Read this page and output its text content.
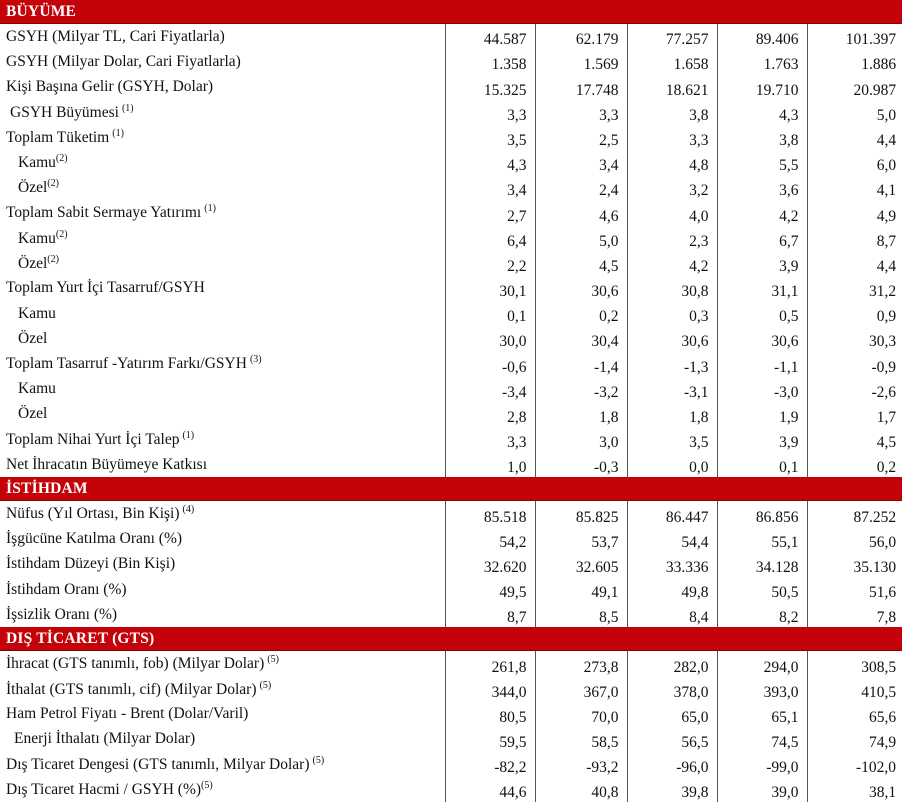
BÜYÜME					
GSYH (Milyar TL, Cari Fiyatlarla)	44.587	62.179	77.257	89.406	101.397
GSYH (Milyar Dolar, Cari Fiyatlarla)	1.358	1.569	1.658	1.763	1.886
Kişi Başına Gelir (GSYH, Dolar)	15.325	17.748	18.621	19.710	20.987
GSYH Büyümesi $^{(1)}$	3,3	3,3	3,8	4,3	5,0
Toplam Tüketim $^{(1)}$	3,5	2,5	3,3	3,8	4,4
Kamu$^{(2)}$	4,3	3,4	4,8	5,5	6,0
Özel$^{(2)}$	3,4	2,4	3,2	3,6	4,1
Toplam Sabit Sermaye Yatırımı $^{(1)}$	2,7	4,6	4,0	4,2	4,9
Kamu$^{(2)}$	6,4	5,0	2,3	6,7	8,7
Özel$^{(2)}$	2,2	4,5	4,2	3,9	4,4
Toplam Yurt İçi Tasarruf/GSYH	30,1	30,6	30,8	31,1	31,2
Kamu	0,1	0,2	0,3	0,5	0,9
Özel	30,0	30,4	30,6	30,6	30,3
Toplam Tasarruf -Yatırım Farkı/GSYH $^{(3)}$	-0,6	-1,4	-1,3	-1,1	-0,9
Kamu	-3,4	-3,2	-3,1	-3,0	-2,6
Özel	2,8	1,8	1,8	1,9	1,7
Toplam Nihai Yurt İçi Talep $^{(1)}$	3,3	3,0	3,5	3,9	4,5
Net İhracatın Büyümeye Katkısı	1,0	-0,3	0,0	0,1	0,2
İSTİHDAM					
Nüfus (Yıl Ortası, Bin Kişi) $^{(4)}$	85.518	85.825	86.447	86.856	87.252
İşgücüne Katılma Oranı (%)	54,2	53,7	54,4	55,1	56,0
İstihdam Düzeyi (Bin Kişi)	32.620	32.605	33.336	34.128	35.130
İstihdam Oranı (%)	49,5	49,1	49,8	50,5	51,6
İşsizlik Oranı (%)	8,7	8,5	8,4	8,2	7,8
DIŞ TİCARET (GTS)					
İhracat (GTS tanımlı, fob) (Milyar Dolar) $^{(5)}$	261,8	273,8	282,0	294,0	308,5
İthalat (GTS tanımlı, cif) (Milyar Dolar) $^{(5)}$	344,0	367,0	378,0	393,0	410,5
Ham Petrol Fiyatı - Brent (Dolar/Varil)	80,5	70,0	65,0	65,1	65,6
Enerji İthalatı (Milyar Dolar)	59,5	58,5	56,5	74,5	74,9
Dış Ticaret Dengesi (GTS tanımlı, Milyar Dolar) $^{(5)}$	-82,2	-93,2	-96,0	-99,0	-102,0
Dış Ticaret Hacmi / GSYH (%)$^{(5)}$	44,6	40,8	39,8	39,0	38,1
